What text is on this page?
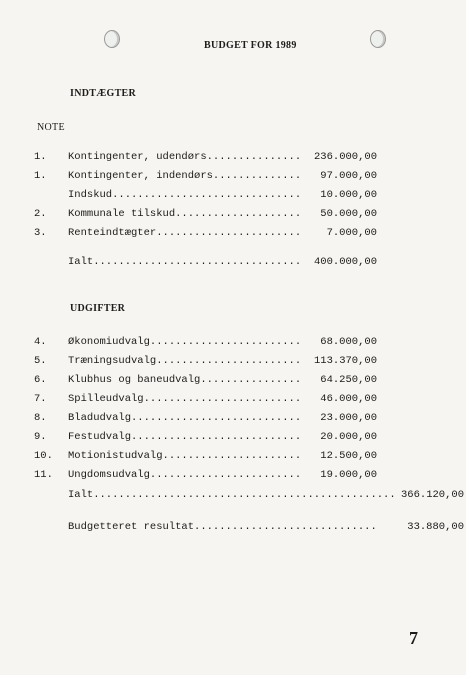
BUDGET FOR 1989
INDTÆGTER
NOTE
1. Kontingenter, udendørs............... 236.000,00
1. Kontingenter, indendørs.............. 97.000,00
Indskud.............................. 10.000,00
2. Kommunale tilskud.................... 50.000,00
3. Renteindtægter....................... 7.000,00
Ialt................................. 400.000,00
UDGIFTER
4. Økonomiudvalg........................ 68.000,00
5. Træningsudvalg....................... 113.370,00
6. Klubhus og baneudvalg................ 64.250,00
7. Spilleudvalg......................... 46.000,00
8. Bladudvalg........................... 23.000,00
9. Festudvalg........................... 20.000,00
10. Motionistudvalg...................... 12.500,00
11. Ungdomsudvalg........................ 19.000,00
Ialt................................................ 366.120,00
Budgetteret resultat.............................	33.880,00
7
